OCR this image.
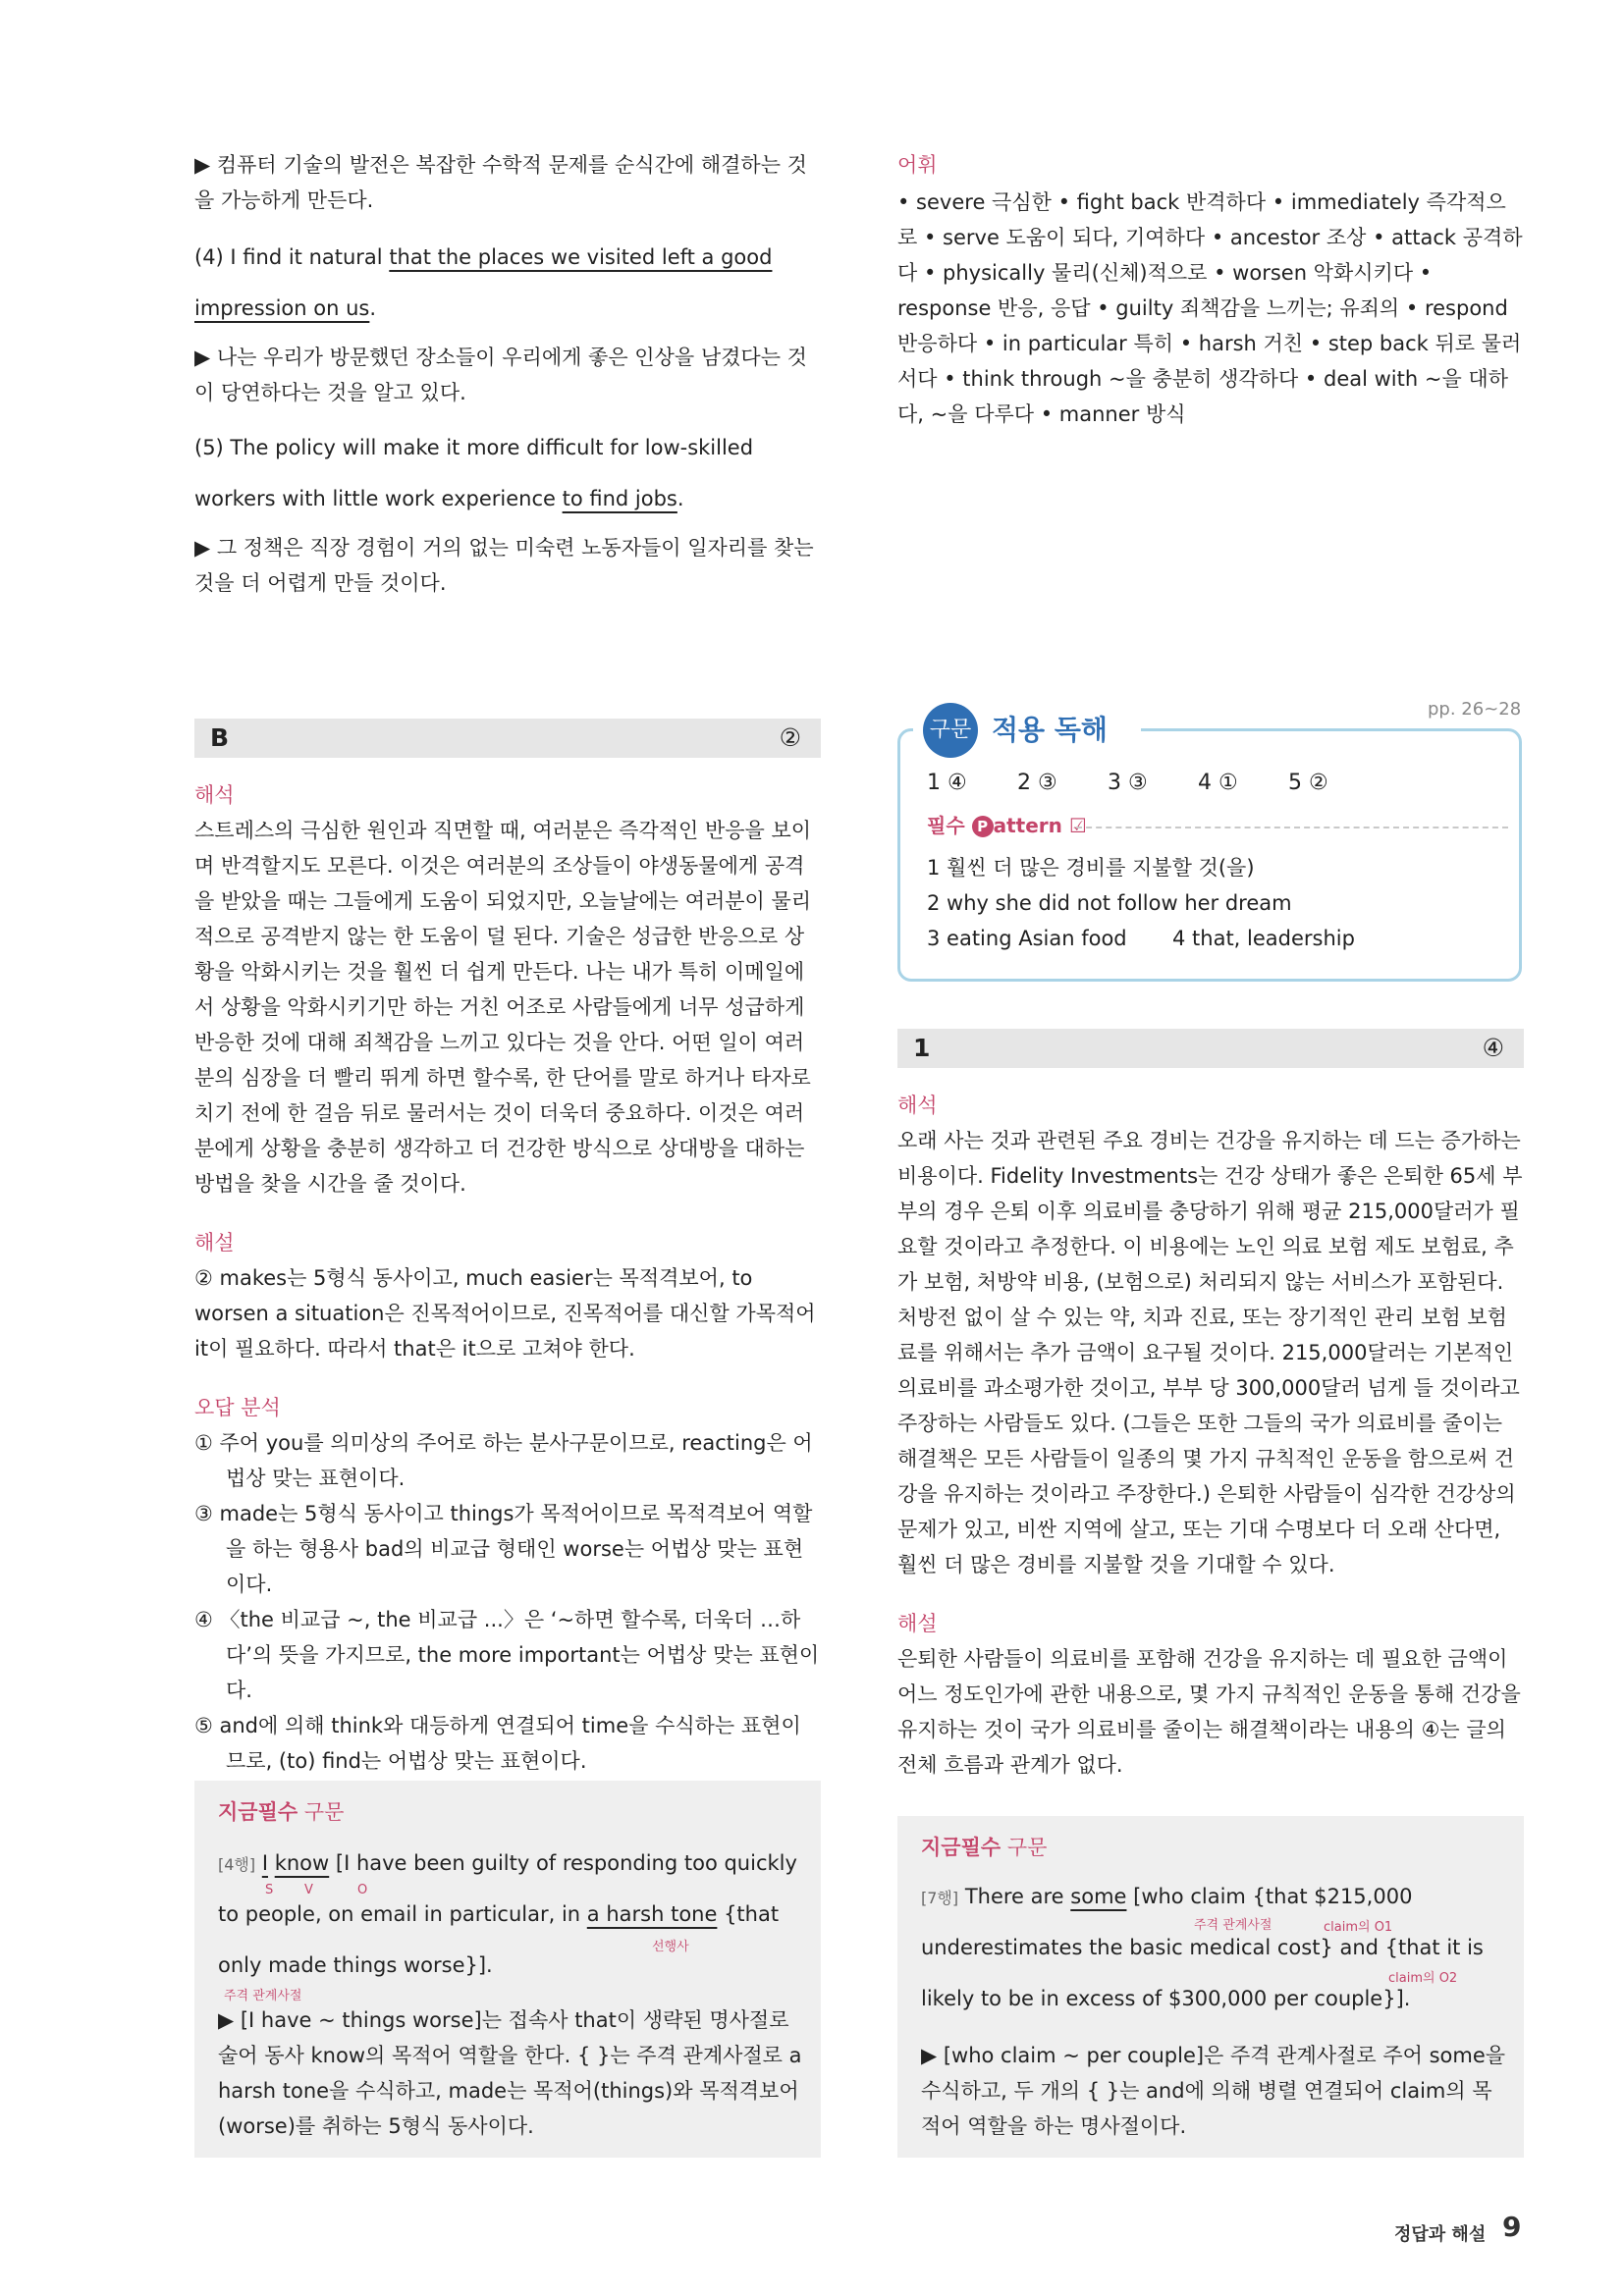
▶ 컴퓨터 기술의 발전은 복잡한 수학적 문제를 순식간에 해결하는 것을 가능하게 만든다.

(4) I find it natural that the places we visited left a good
impression on us.

▶ 나는 우리가 방문했던 장소들이 우리에게 좋은 인상을 남겼다는 것이 당연하다는 것을 알고 있다.

(5) The policy will make it more difficult for low-skilled
workers with little work experience to find jobs.

▶ 그 정책은 직장 경험이 거의 없는 미숙련 노동자들이 일자리를 찾는 것을 더 어렵게 만들 것이다.

어휘
• severe 극심한 • fight back 반격하다 • immediately 즉각적으로 • serve 도움이 되다, 기여하다 • ancestor 조상 • attack 공격하다 • physically 물리(신체)적으로 • worsen 악화시키다 • response 반응, 응답 • guilty 죄책감을 느끼는; 유죄의 • respond 반응하다 • in particular 특히 • harsh 거친 • step back 뒤로 물러서다 • think through ~을 충분히 생각하다 • deal with ~을 대하다, ~을 다루다 • manner 방식
B	②
해석

스트레스의 극심한 원인과 직면할 때, 여러분은 즉각적인 반응을 보이며 반격할지도 모른다. 이것은 여러분의 조상들이 야생동물에게 공격을 받았을 때는 그들에게 도움이 되었지만, 오늘날에는 여러분이 물리적으로 공격받지 않는 한 도움이 덜 된다. 기술은 성급한 반응으로 상황을 악화시키는 것을 훨씬 더 쉽게 만든다. 나는 내가 특히 이메일에서 상황을 악화시키기만 하는 거친 어조로 사람들에게 너무 성급하게 반응한 것에 대해 죄책감을 느끼고 있다는 것을 안다. 어떤 일이 여러분의 심장을 더 빨리 뛰게 하면 할수록, 한 단어를 말로 하거나 타자로 치기 전에 한 걸음 뒤로 물러서는 것이 더욱더 중요하다. 이것은 여러분에게 상황을 충분히 생각하고 더 건강한 방식으로 상대방을 대하는 방법을 찾을 시간을 줄 것이다.

해설

② makes는 5형식 동사이고, much easier는 목적격보어, to worsen a situation은 진목적어이므로, 진목적어를 대신할 가목적어 it이 필요하다. 따라서 that은 it으로 고쳐야 한다.

오답 분석

① 주어 you를 의미상의 주어로 하는 분사구문이므로, reacting은 어법상 맞는 표현이다.

③ made는 5형식 동사이고 things가 목적어이므로 목적격보어 역할을 하는 형용사 bad의 비교급 형태인 worse는 어법상 맞는 표현이다.

④ 〈the 비교급 ~, the 비교급 ...〉은 ‘~하면 할수록, 더욱더 …하다’의 뜻을 가지므로, the more important는 어법상 맞는 표현이다.

⑤ and에 의해 think와 대등하게 연결되어 time을 수식하는 표현이므로, (to) find는 어법상 맞는 표현이다.

지금필수 구문
[4행] I know [I have been guilty of responding too quickly
S V	O
to people, on email in particular, in a harsh tone {that
선행사
only made things worse}].
주격 관계사절

▶ [I have ~ things worse]는 접속사 that이 생략된 명사절로 술어 동사 know의 목적어 역할을 한다. { }는 주격 관계사절로 a harsh tone을 수식하고, made는 목적어(things)와 목적격보어(worse)를 취하는 5형식 동사이다.

구문 적용 독해
pp. 26~28
1 ④ 2 ③ 3 ③ 4 ① 5 ②
필수 P attern ☑
1 훨씬 더 많은 경비를 지불할 것(을)
2 why she did not follow her dream
3 eating Asian food 4 that, leadership
1	④
해석

오래 사는 것과 관련된 주요 경비는 건강을 유지하는 데 드는 증가하는 비용이다. Fidelity Investments는 건강 상태가 좋은 은퇴한 65세 부부의 경우 은퇴 이후 의료비를 충당하기 위해 평균 215,000달러가 필요할 것이라고 추정한다. 이 비용에는 노인 의료 보험 제도 보험료, 추가 보험, 처방약 비용, (보험으로) 처리되지 않는 서비스가 포함된다. 처방전 없이 살 수 있는 약, 치과 진료, 또는 장기적인 관리 보험 보험료를 위해서는 추가 금액이 요구될 것이다. 215,000달러는 기본적인 의료비를 과소평가한 것이고, 부부 당 300,000달러 넘게 들 것이라고 주장하는 사람들도 있다. (그들은 또한 그들의 국가 의료비를 줄이는 해결책은 모든 사람들이 일종의 몇 가지 규칙적인 운동을 함으로써 건강을 유지하는 것이라고 주장한다.) 은퇴한 사람들이 심각한 건강상의 문제가 있고, 비싼 지역에 살고, 또는 기대 수명보다 더 오래 산다면, 훨씬 더 많은 경비를 지불할 것을 기대할 수 있다.

해설

은퇴한 사람들이 의료비를 포함해 건강을 유지하는 데 필요한 금액이 어느 정도인가에 관한 내용으로, 몇 가지 규칙적인 운동을 통해 건강을 유지하는 것이 국가 의료비를 줄이는 해결책이라는 내용의 ④는 글의 전체 흐름과 관계가 없다.

지금필수 구문
[7행] There are some [who claim {that $215,000
주격 관계사절	claim의 O1
underestimates the basic medical cost} and {that it is
claim의 O2
likely to be in excess of $300,000 per couple}].

▶ [who claim ~ per couple]은 주격 관계사절로 주어 some을 수식하고, 두 개의 { }는 and에 의해 병렬 연결되어 claim의 목적어 역할을 하는 명사절이다.

정답과 해설 9
